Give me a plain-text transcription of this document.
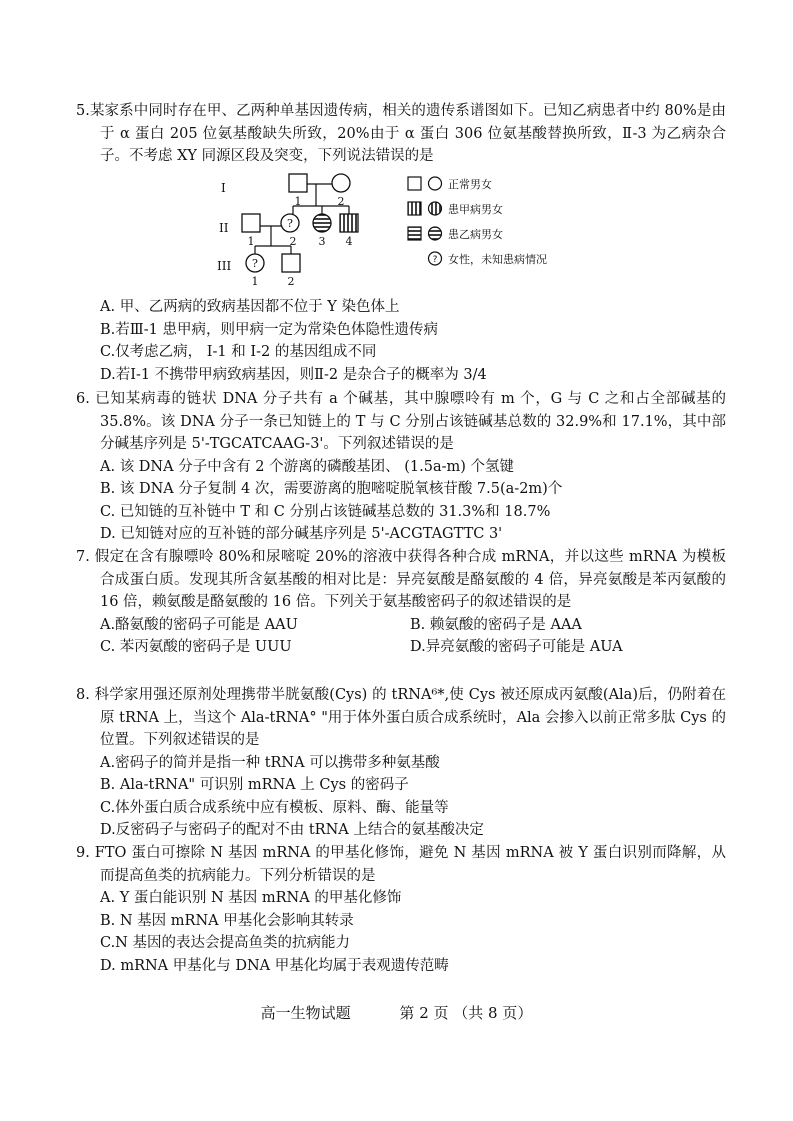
5.某家系中同时存在甲、乙两种单基因遗传病，相关的遗传系谱图如下。已知乙病患者中约 80%是由于 α 蛋白 205 位氨基酸缺失所致，20%由于 α 蛋白 306 位氨基酸替换所致，Ⅱ-3 为乙病杂合子。不考虑 XY 同源区段及突变，下列说法错误的是

I
II
III
?
?
1	2
1	2 3 4
1	2
?
正常男女
患甲病男女
患乙病男女
女性，未知患病情况

A. 甲、乙两病的致病基因都不位于 Y 染色体上

B.若Ⅲ-1 患甲病，则甲病一定为常染色体隐性遗传病

C.仅考虑乙病， I-1 和 I-2 的基因组成不同

D.若Ⅰ-1 不携带甲病致病基因，则Ⅱ-2 是杂合子的概率为 3/4

6. 已知某病毒的链状 DNA 分子共有 a 个碱基，其中腺嘌呤有 m 个，G 与 C 之和占全部碱基的 35.8%。该 DNA 分子一条已知链上的 T 与 C 分别占该链碱基总数的 32.9%和 17.1%，其中部分碱基序列是 5'-TGCATCAAG-3'。下列叙述错误的是

A. 该 DNA 分子中含有 2 个游离的磷酸基团、 (1.5a-m) 个氢键

B. 该 DNA 分子复制 4 次，需要游离的胞嘧啶脱氧核苷酸 7.5(a-2m)个

C. 已知链的互补链中 T 和 C 分别占该链碱基总数的 31.3%和 18.7%

D. 已知链对应的互补链的部分碱基序列是 5'-ACGTAGTTC 3'

7. 假定在含有腺嘌呤 80%和尿嘧啶 20%的溶液中获得各种合成 mRNA，并以这些 mRNA 为模板合成蛋白质。发现其所含氨基酸的相对比是：异亮氨酸是酪氨酸的 4 倍，异亮氨酸是苯丙氨酸的 16 倍，赖氨酸是酪氨酸的 16 倍。下列关于氨基酸密码子的叙述错误的是

A.酪氨酸的密码子可能是 AAU	B. 赖氨酸的密码子是 AAA
C. 苯丙氨酸的密码子是 UUU	D.异亮氨酸的密码子可能是 AUA

8. 科学家用强还原剂处理携带半胱氨酸(Cys) 的 tRNA⁶*,使 Cys 被还原成丙氨酸(Ala)后，仍附着在原 tRNA 上，当这个 Ala-tRNA° "用于体外蛋白质合成系统时，Ala 会掺入以前正常多肽 Cys 的位置。下列叙述错误的是

A.密码子的简并是指一种 tRNA 可以携带多种氨基酸

B. Ala-tRNA" 可识别 mRNA 上 Cys 的密码子

C.体外蛋白质合成系统中应有模板、原料、酶、能量等

D.反密码子与密码子的配对不由 tRNA 上结合的氨基酸决定

9. FTO 蛋白可擦除 N 基因 mRNA 的甲基化修饰，避免 N 基因 mRNA 被 Y 蛋白识别而降解，从而提高鱼类的抗病能力。下列分析错误的是

A. Y 蛋白能识别 N 基因 mRNA 的甲基化修饰

B. N 基因 mRNA 甲基化会影响其转录

C.N 基因的表达会提高鱼类的抗病能力

D. mRNA 甲基化与 DNA 甲基化均属于表观遗传范畴

高一生物试题	第 2 页 （共 8 页）
